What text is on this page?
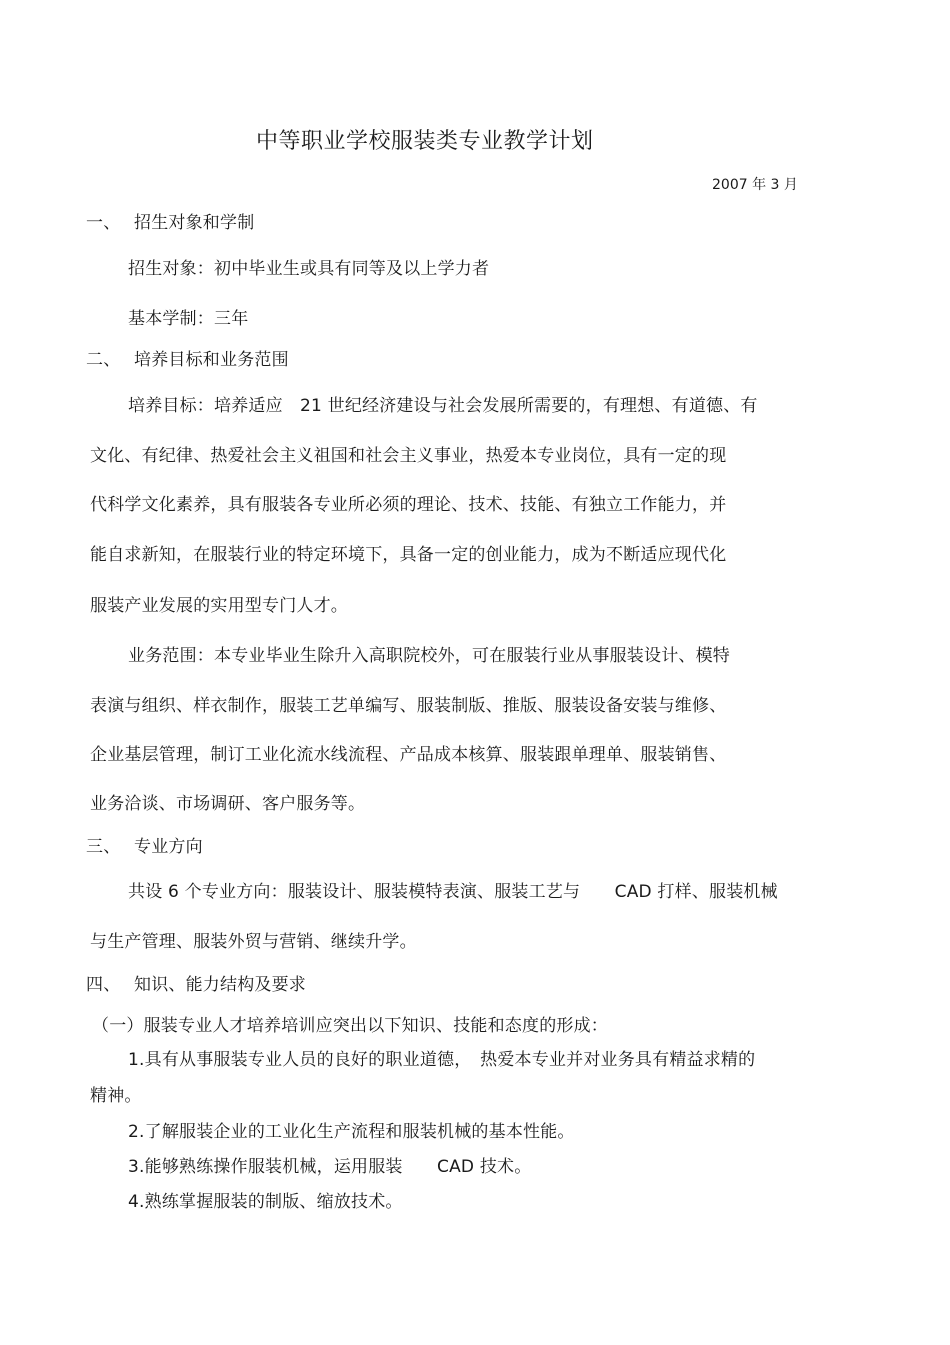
中等职业学校服装类专业教学计划
2007 年 3 月
一、 招生对象和学制
招生对象：初中毕业生或具有同等及以上学力者
基本学制：三年
二、 培养目标和业务范围
培养目标：培养适应　21 世纪经济建设与社会发展所需要的，有理想、有道德、有
文化、有纪律、热爱社会主义祖国和社会主义事业，热爱本专业岗位，具有一定的现
代科学文化素养，具有服装各专业所必须的理论、技术、技能、有独立工作能力，并
能自求新知，在服装行业的特定环境下，具备一定的创业能力，成为不断适应现代化
服装产业发展的实用型专门人才。
业务范围：本专业毕业生除升入高职院校外，可在服装行业从事服装设计、模特
表演与组织、样衣制作，服装工艺单编写、服装制版、推版、服装设备安装与维修、
企业基层管理，制订工业化流水线流程、产品成本核算、服装跟单理单、服装销售、
业务洽谈、市场调研、客户服务等。
三、 专业方向
共设 6 个专业方向：服装设计、服装模特表演、服装工艺与　　CAD 打样、服装机械
与生产管理、服装外贸与营销、继续升学。
四、 知识、能力结构及要求
（一）服装专业人才培养培训应突出以下知识、技能和态度的形成：
1.具有从事服装专业人员的良好的职业道德，　热爱本专业并对业务具有精益求精的
精神。
2.了解服装企业的工业化生产流程和服装机械的基本性能。
3.能够熟练操作服装机械，运用服装　　CAD 技术。
4.熟练掌握服装的制版、缩放技术。
